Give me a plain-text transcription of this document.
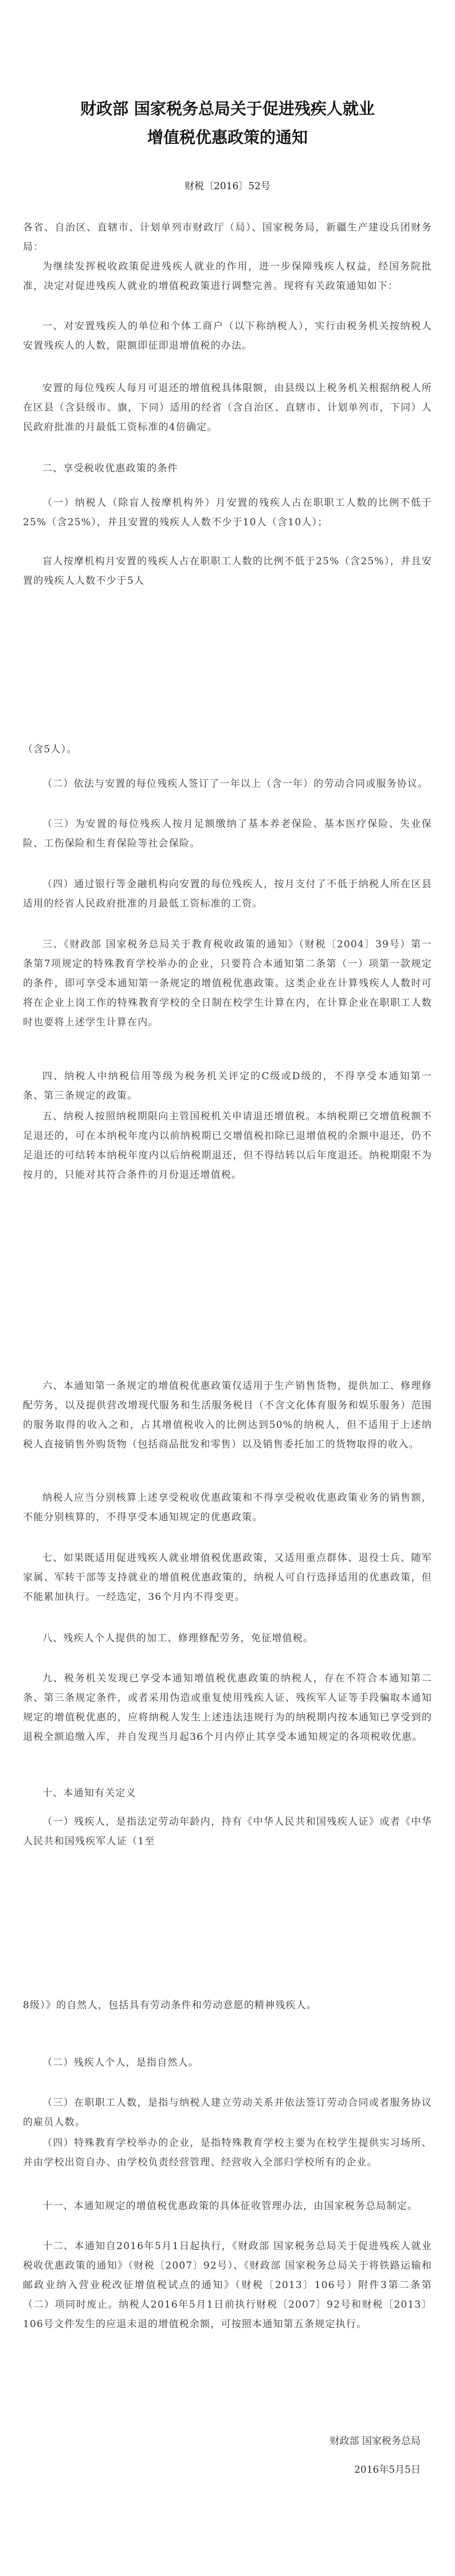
财政部 国家税务总局关于促进残疾人就业
增值税优惠政策的通知
财税〔2016〕52号

各省、自治区、直辖市、计划单列市财政厅（局）、国家税务局，新疆生产建设兵团财务局：

为继续发挥税收政策促进残疾人就业的作用，进一步保障残疾人权益，经国务院批准，决定对促进残疾人就业的增值税政策进行调整完善。现将有关政策通知如下：

一、对安置残疾人的单位和个体工商户（以下称纳税人），实行由税务机关按纳税人安置残疾人的人数，限额即征即退增值税的办法。

安置的每位残疾人每月可退还的增值税具体限额，由县级以上税务机关根据纳税人所在区县（含县级市、旗，下同）适用的经省（含自治区、直辖市、计划单列市，下同）人民政府批准的月最低工资标准的4倍确定。

二、享受税收优惠政策的条件

（一）纳税人（除盲人按摩机构外）月安置的残疾人占在职职工人数的比例不低于25%（含25%），并且安置的残疾人人数不少于10人（含10人）；

盲人按摩机构月安置的残疾人占在职职工人数的比例不低于25%（含25%），并且安置的残疾人人数不少于5人

（含5人）。

（二）依法与安置的每位残疾人签订了一年以上（含一年）的劳动合同或服务协议。

（三）为安置的每位残疾人按月足额缴纳了基本养老保险、基本医疗保险、失业保险、工伤保险和生育保险等社会保险。

（四）通过银行等金融机构向安置的每位残疾人，按月支付了不低于纳税人所在区县适用的经省人民政府批准的月最低工资标准的工资。

三、《财政部 国家税务总局关于教育税收政策的通知》（财税〔2004〕39号）第一条第7项规定的特殊教育学校举办的企业，只要符合本通知第二条第（一）项第一款规定的条件，即可享受本通知第一条规定的增值税优惠政策。这类企业在计算残疾人人数时可将在企业上岗工作的特殊教育学校的全日制在校学生计算在内，在计算企业在职职工人数时也要将上述学生计算在内。

四、纳税人中纳税信用等级为税务机关评定的C级或D级的，不得享受本通知第一条、第三条规定的政策。

五、纳税人按照纳税期限向主管国税机关申请退还增值税。本纳税期已交增值税额不足退还的，可在本纳税年度内以前纳税期已交增值税扣除已退增值税的余额中退还，仍不足退还的可结转本纳税年度内以后纳税期退还，但不得结转以后年度退还。纳税期限不为按月的，只能对其符合条件的月份退还增值税。

六、本通知第一条规定的增值税优惠政策仅适用于生产销售货物，提供加工、修理修配劳务，以及提供营改增现代服务和生活服务税目（不含文化体育服务和娱乐服务）范围的服务取得的收入之和，占其增值税收入的比例达到50%的纳税人，但不适用于上述纳税人直接销售外购货物（包括商品批发和零售）以及销售委托加工的货物取得的收入。

纳税人应当分别核算上述享受税收优惠政策和不得享受税收优惠政策业务的销售额，不能分别核算的，不得享受本通知规定的优惠政策。

七、如果既适用促进残疾人就业增值税优惠政策，又适用重点群体、退役士兵、随军家属、军转干部等支持就业的增值税优惠政策的，纳税人可自行选择适用的优惠政策，但不能累加执行。一经选定，36个月内不得变更。

八、残疾人个人提供的加工、修理修配劳务，免征增值税。

九、税务机关发现已享受本通知增值税优惠政策的纳税人，存在不符合本通知第二条、第三条规定条件，或者采用伪造或重复使用残疾人证、残疾军人证等手段骗取本通知规定的增值税优惠的，应将纳税人发生上述违法违规行为的纳税期内按本通知已享受到的退税全额追缴入库，并自发现当月起36个月内停止其享受本通知规定的各项税收优惠。

十、本通知有关定义

（一）残疾人，是指法定劳动年龄内，持有《中华人民共和国残疾人证》或者《中华人民共和国残疾军人证（1至

8级）》的自然人，包括具有劳动条件和劳动意愿的精神残疾人。

（二）残疾人个人，是指自然人。

（三）在职职工人数，是指与纳税人建立劳动关系并依法签订劳动合同或者服务协议的雇员人数。

（四）特殊教育学校举办的企业，是指特殊教育学校主要为在校学生提供实习场所、并由学校出资自办、由学校负责经营管理、经营收入全部归学校所有的企业。

十一、本通知规定的增值税优惠政策的具体征收管理办法，由国家税务总局制定。

十二、本通知自2016年5月1日起执行，《财政部 国家税务总局关于促进残疾人就业税收优惠政策的通知》（财税〔2007〕92号）、《财政部 国家税务总局关于将铁路运输和邮政业纳入营业税改征增值税试点的通知》（财税〔2013〕106号）附件3第二条第（二）项同时废止。纳税人2016年5月1日前执行财税〔2007〕92号和财税〔2013〕106号文件发生的应退未退的增值税余额，可按照本通知第五条规定执行。

财政部 国家税务总局
2016年5月5日
